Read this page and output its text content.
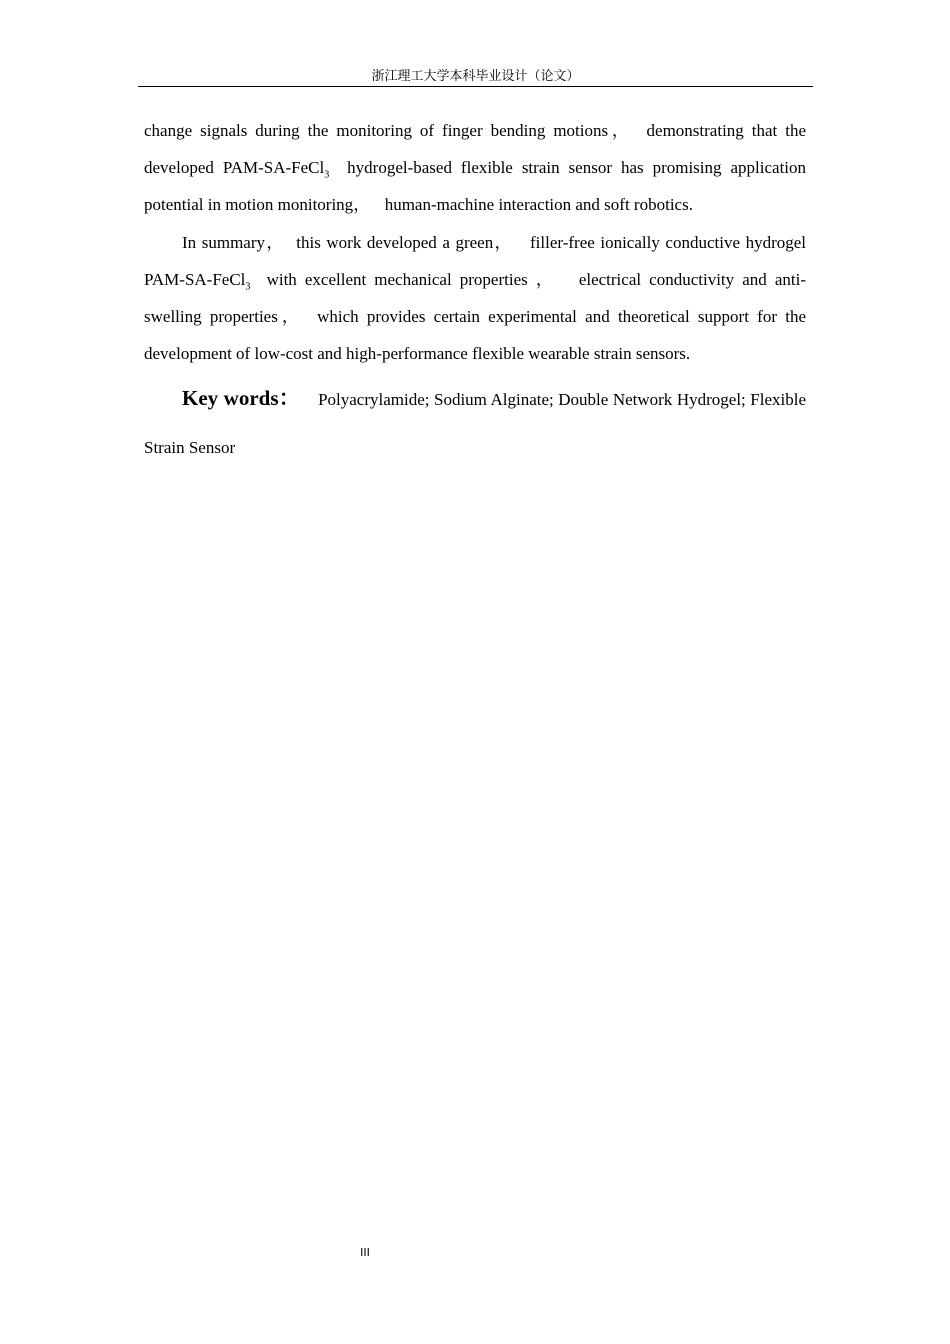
浙江理工大学本科毕业设计（论文）

change signals during the monitoring of finger bending motions， demonstrating that the developed PAM-SA-FeCl$_3$ hydrogel-based flexible strain sensor has promising application potential in motion monitoring， human-machine interaction and soft robotics.

In summary， this work developed a green， filler-free ionically conductive hydrogel PAM-SA-FeCl$_3$ with excellent mechanical properties ， electrical conductivity and anti-swelling properties， which provides certain experimental and theoretical support for the development of low-cost and high-performance flexible wearable strain sensors.

Key words： Polyacrylamide; Sodium Alginate; Double Network Hydrogel; Flexible Strain Sensor

III
